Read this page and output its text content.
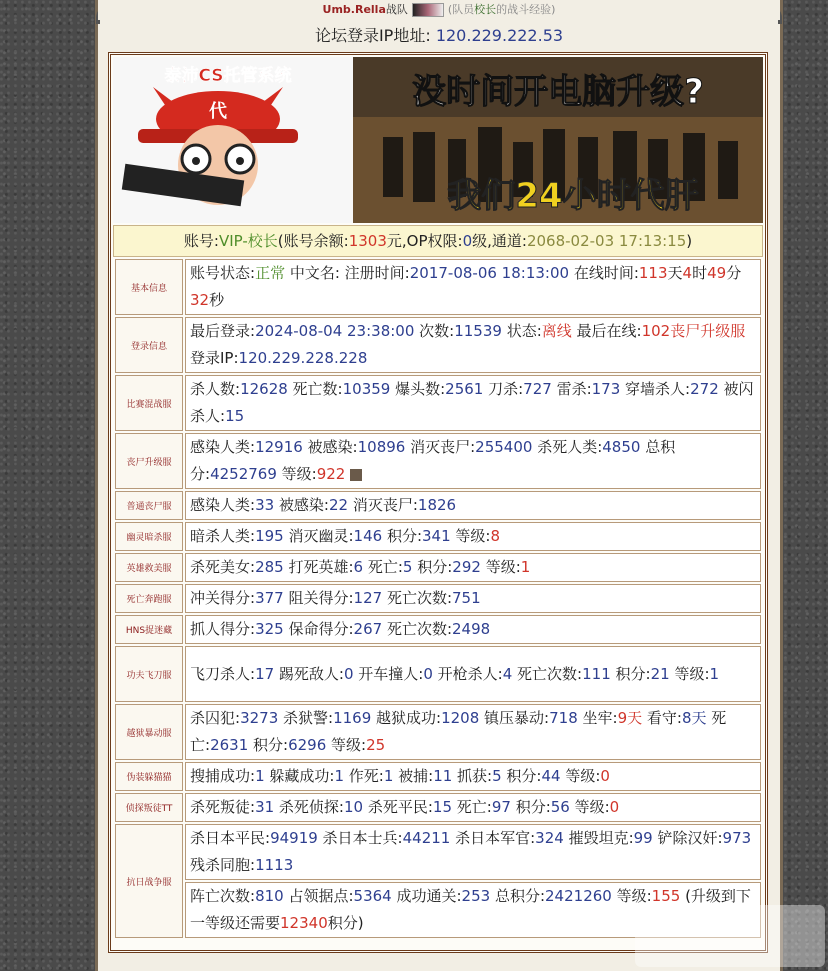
Umb.Rella战队	(队员校长的战斗经验)
论坛登录IP地址: 120.229.222.53
没时间开电脑升级?
我们24小时代肝
泰沛CS托管系统
代
账号:VIP-校长(账号余额:1303元,OP权限:0级,通道:2068-02-03 17:13:15)
基本信息	账号状态:正常 中文名: 注册时间:2017-08-06 18:13:00 在线时间:113天4时49分32秒
登录信息	最后登录:2024-08-04 23:38:00 次数:11539 状态:离线 最后在线:102丧尸升级服 登录IP:120.229.228.228
比赛混战服	杀人数:12628 死亡数:10359 爆头数:2561 刀杀:727 雷杀:173 穿墙杀人:272 被闪杀人:15
丧尸升级服	感染人类:12916 被感染:10896 消灭丧尸:255400 杀死人类:4850 总积分:4252769 等级:922
普通丧尸服	感染人类:33 被感染:22 消灭丧尸:1826
幽灵暗杀服	暗杀人类:195 消灭幽灵:146 积分:341 等级:8
英雄救美服	杀死美女:285 打死英雄:6 死亡:5 积分:292 等级:1
死亡奔跑服	冲关得分:377 阻关得分:127 死亡次数:751
HNS捉迷藏	抓人得分:325 保命得分:267 死亡次数:2498
功夫飞刀服	飞刀杀人:17 踢死敌人:0 开车撞人:0 开枪杀人:4 死亡次数:111 积分:21 等级:1
越狱暴动服	杀囚犯:3273 杀狱警:1169 越狱成功:1208 镇压暴动:718 坐牢:9天 看守:8天 死亡:2631 积分:6296 等级:25
伪装躲猫猫	搜捕成功:1 躲藏成功:1 作死:1 被捕:11 抓获:5 积分:44 等级:0
侦探叛徒TT	杀死叛徒:31 杀死侦探:10 杀死平民:15 死亡:97 积分:56 等级:0
抗日战争服	杀日本平民:94919 杀日本士兵:44211 杀日本军官:324 摧毁坦克:99 铲除汉奸:973 残杀同胞:1113
	阵亡次数:810 占领据点:5364 成功通关:253 总积分:2421260 等级:155 (升级到下一等级还需要12340积分)
